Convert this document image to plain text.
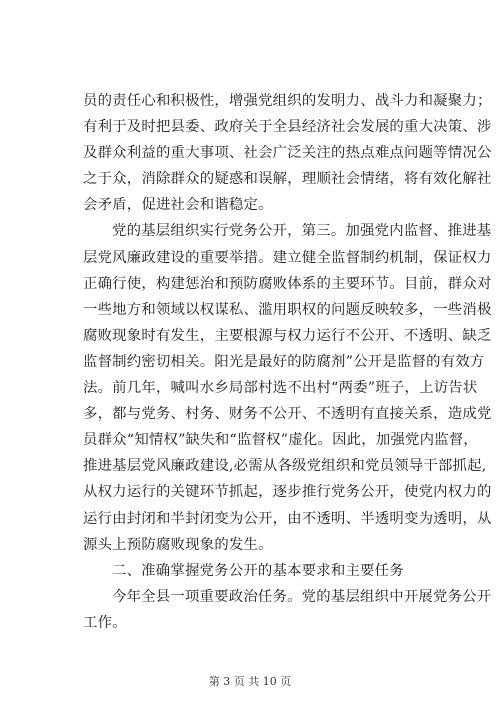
员的责任心和积极性，增强党组织的发明力、战斗力和凝聚力；
有利于及时把县委、政府关于全县经济社会发展的重大决策、涉
及群众利益的重大事项、社会广泛关注的热点难点问题等情况公
之于众，消除群众的疑惑和误解，理顺社会情绪，将有效化解社
会矛盾，促进社会和谐稳定。
党的基层组织实行党务公开，第三。加强党内监督、推进基
层党风廉政建设的重要举措。建立健全监督制约机制，保证权力
正确行使，构建惩治和预防腐败体系的主要环节。目前，群众对
一些地方和领域以权谋私、滥用职权的问题反映较多，一些消极
腐败现象时有发生，主要根源与权力运行不公开、不透明、缺乏
监督制约密切相关。阳光是最好的防腐剂”公开是监督的有效方
法。前几年，喊叫水乡局部村选不出村“两委”班子，上访告状
多，都与党务、村务、财务不公开、不透明有直接关系，造成党
员群众“知情权”缺失和“监督权”虚化。因此，加强党内监督，
推进基层党风廉政建设,必需从各级党组织和党员领导干部抓起,
从权力运行的关键环节抓起，逐步推行党务公开，使党内权力的
运行由封闭和半封闭变为公开，由不透明、半透明变为透明，从
源头上预防腐败现象的发生。
二、准确掌握党务公开的基本要求和主要任务
今年全县一项重要政治任务。党的基层组织中开展党务公开
工作。
第 3 页 共 10 页
